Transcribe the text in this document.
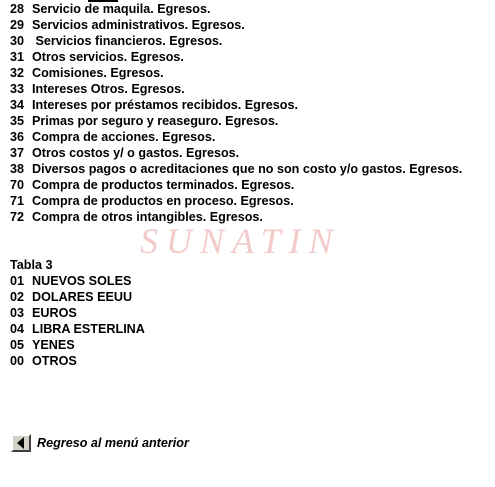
28 Servicio de maquila. Egresos.
29 Servicios administrativos. Egresos.
30 Servicios financieros. Egresos.
31 Otros servicios. Egresos.
32 Comisiones. Egresos.
33 Intereses Otros. Egresos.
34 Intereses por préstamos recibidos. Egresos.
35 Primas por seguro y reaseguro. Egresos.
36 Compra de acciones. Egresos.
37 Otros costos y/ o gastos. Egresos.
38 Diversos pagos o acreditaciones que no son costo y/o gastos. Egresos.
70 Compra de productos terminados. Egresos.
71 Compra de productos en proceso. Egresos.
72 Compra de otros intangibles. Egresos.
SUNATIN
Tabla 3
01 NUEVOS SOLES
02 DOLARES EEUU
03 EUROS
04 LIBRA ESTERLINA
05 YENES
00 OTROS
Regreso al menú anterior
